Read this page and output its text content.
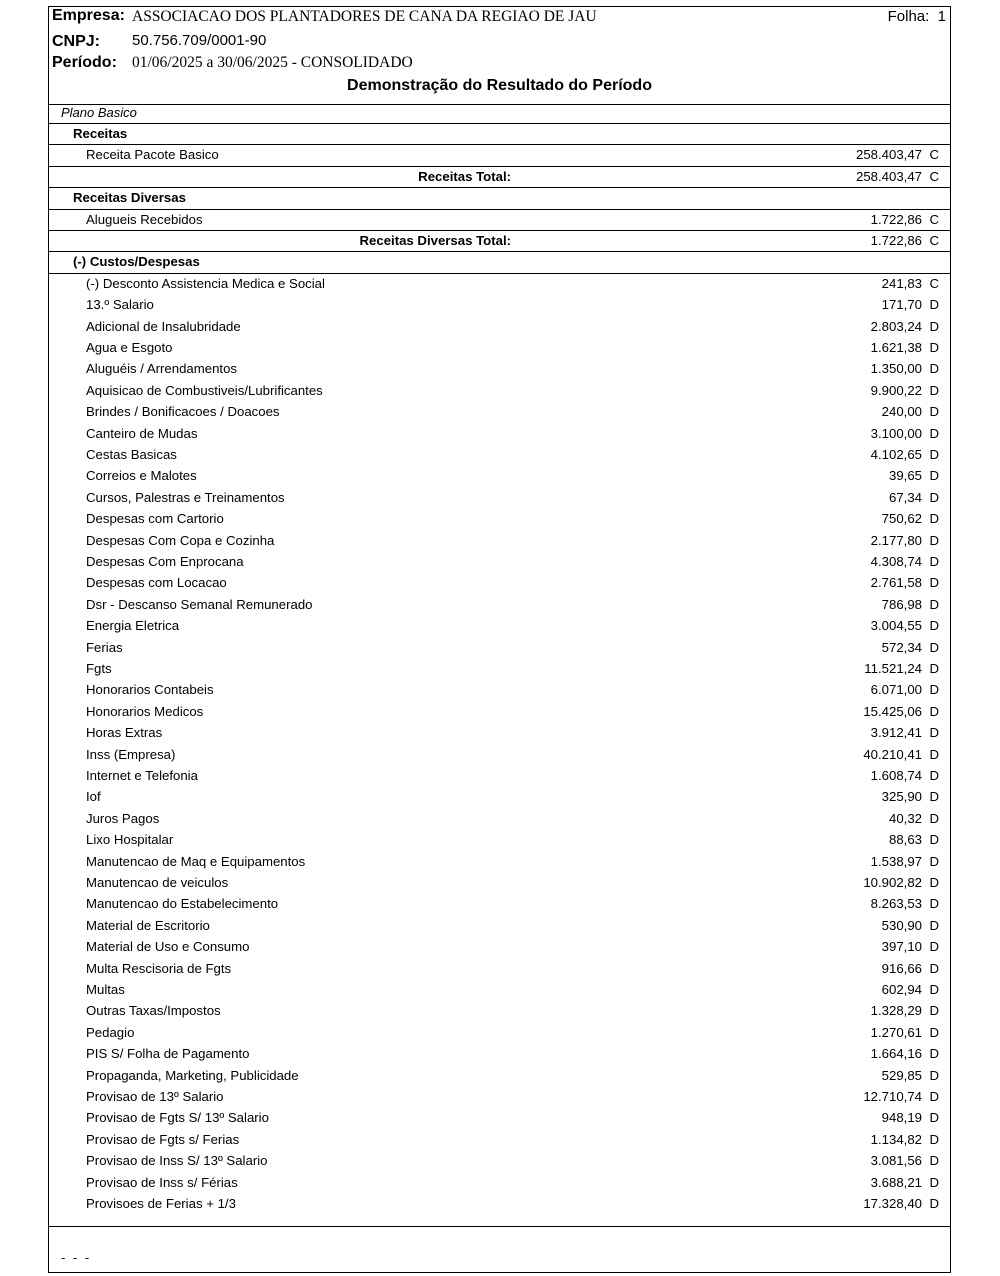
Empresa: ASSOCIACAO DOS PLANTADORES DE CANA DA REGIAO DE JAU	Folha: 1
CNPJ: 50.756.709/0001-90
Período: 01/06/2025 a 30/06/2025 - CONSOLIDADO
Demonstração do Resultado do Período
Plano Basico
Receitas
Receita Pacote Basico	258.403,47 C
Receitas Total:	258.403,47 C
Receitas Diversas
Alugueis Recebidos	1.722,86 C
Receitas Diversas Total:	1.722,86 C
(-) Custos/Despesas
(-) Desconto Assistencia Medica e Social	241,83 C
13.º Salario	171,70 D
Adicional de Insalubridade	2.803,24 D
Agua e Esgoto	1.621,38 D
Aluguéis / Arrendamentos	1.350,00 D
Aquisicao de Combustiveis/Lubrificantes	9.900,22 D
Brindes / Bonificacoes / Doacoes	240,00 D
Canteiro de Mudas	3.100,00 D
Cestas Basicas	4.102,65 D
Correios e Malotes	39,65 D
Cursos, Palestras e Treinamentos	67,34 D
Despesas com Cartorio	750,62 D
Despesas Com Copa e Cozinha	2.177,80 D
Despesas Com Enprocana	4.308,74 D
Despesas com Locacao	2.761,58 D
Dsr - Descanso Semanal Remunerado	786,98 D
Energia Eletrica	3.004,55 D
Ferias	572,34 D
Fgts	11.521,24 D
Honorarios Contabeis	6.071,00 D
Honorarios Medicos	15.425,06 D
Horas Extras	3.912,41 D
Inss (Empresa)	40.210,41 D
Internet e Telefonia	1.608,74 D
Iof	325,90 D
Juros Pagos	40,32 D
Lixo Hospitalar	88,63 D
Manutencao de Maq e Equipamentos	1.538,97 D
Manutencao de veiculos	10.902,82 D
Manutencao do Estabelecimento	8.263,53 D
Material de Escritorio	530,90 D
Material de Uso e Consumo	397,10 D
Multa Rescisoria de Fgts	916,66 D
Multas	602,94 D
Outras Taxas/Impostos	1.328,29 D
Pedagio	1.270,61 D
PIS S/ Folha de Pagamento	1.664,16 D
Propaganda, Marketing, Publicidade	529,85 D
Provisao de 13º Salario	12.710,74 D
Provisao de Fgts S/ 13º Salario	948,19 D
Provisao de Fgts s/ Ferias	1.134,82 D
Provisao de Inss S/ 13º Salario	3.081,56 D
Provisao de Inss s/ Férias	3.688,21 D
Provisoes de Ferias + 1/3	17.328,40 D
- - -
